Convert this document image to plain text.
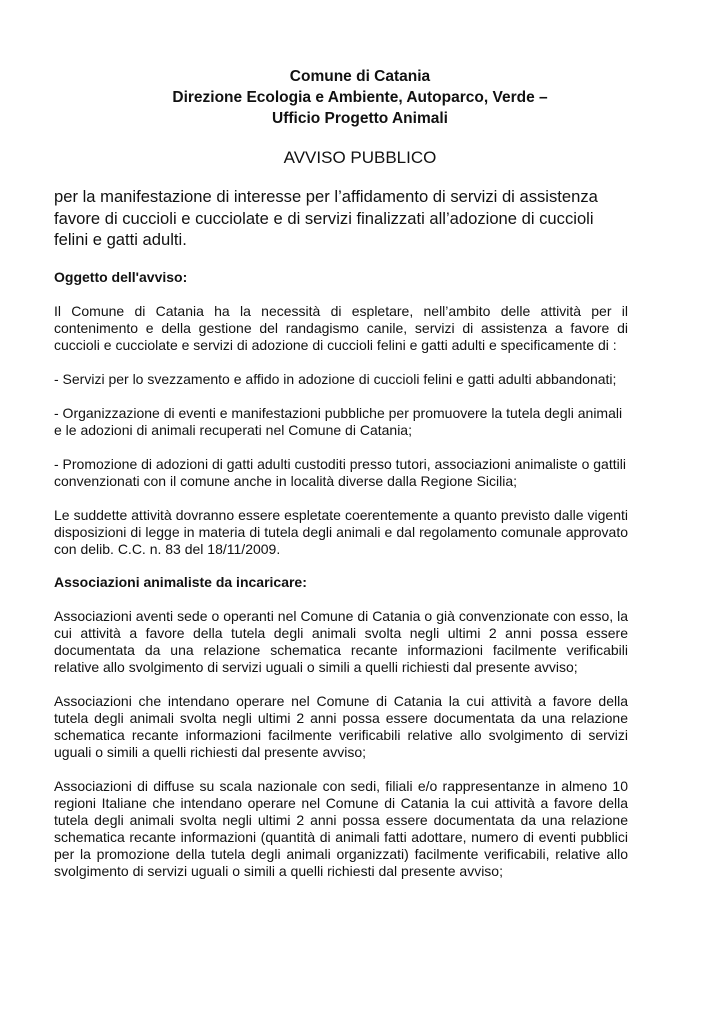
Comune di Catania
Direzione Ecologia e Ambiente, Autoparco, Verde –
Ufficio Progetto Animali
AVVISO PUBBLICO
per la manifestazione di interesse per l’affidamento di servizi di assistenza favore di cuccioli e cucciolate e di servizi finalizzati all’adozione di cuccioli felini e gatti adulti.
Oggetto dell'avviso:

Il Comune di Catania ha la necessità di espletare, nell’ambito delle attività per il contenimento e della gestione del randagismo canile, servizi di assistenza a favore di cuccioli e cucciolate e servizi di adozione di cuccioli felini e gatti adulti e specificamente di :

- Servizi per lo svezzamento e affido in adozione di cuccioli felini e gatti adulti abbandonati;

- Organizzazione di eventi e manifestazioni pubbliche per promuovere la tutela degli animali e le adozioni di animali recuperati nel Comune di Catania;

- Promozione di adozioni di gatti adulti custoditi presso tutori, associazioni animaliste o gattili convenzionati con il comune anche in località diverse dalla Regione Sicilia;

Le suddette attività dovranno essere espletate coerentemente a quanto previsto dalle vigenti disposizioni di legge in materia di tutela degli animali e dal regolamento comunale approvato con delib. C.C. n. 83 del 18/11/2009.

Associazioni animaliste da incaricare:

Associazioni aventi sede o operanti nel Comune di Catania o già convenzionate con esso, la cui attività a favore della tutela degli animali svolta negli ultimi 2 anni possa essere documentata da una relazione schematica recante informazioni facilmente verificabili relative allo svolgimento di servizi uguali o simili a quelli richiesti dal presente avviso;

Associazioni che intendano operare nel Comune di Catania la cui attività a favore della tutela degli animali svolta negli ultimi 2 anni possa essere documentata da una relazione schematica recante informazioni facilmente verificabili relative allo svolgimento di servizi uguali o simili a quelli richiesti dal presente avviso;

Associazioni di diffuse su scala nazionale con sedi, filiali e/o rappresentanze in almeno 10 regioni Italiane che intendano operare nel Comune di Catania la cui attività a favore della tutela degli animali svolta negli ultimi 2 anni possa essere documentata da una relazione schematica recante informazioni (quantità di animali fatti adottare, numero di eventi pubblici per la promozione della tutela degli animali organizzati) facilmente verificabili, relative allo svolgimento di servizi uguali o simili a quelli richiesti dal presente avviso;
